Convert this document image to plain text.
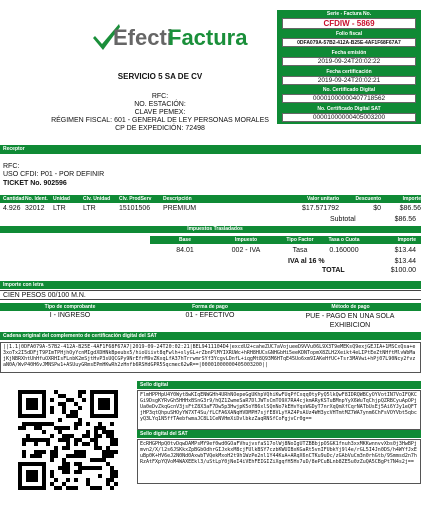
Efecti
Factura
Serie - Factura No.
CFDIW - 5869
Folio fiscal
0DFA079A-57B2-412A-B25E-4AF1F68F67A7
Fecha emisión
2019-09-24T20:02:22
Fecha certificación
2019-09-24T20:02:21
No. Certificado Digital
00001000000407718562
No. Certificado Digital SAT
00001000000405003200
SERVICIO 5 SA DE CV
RFC:
NO. ESTACIÓN:
CLAVE PEMEX:
RÉGIMEN FISCAL: 601 - GENERAL DE LEY PERSONAS MORALES
CP DE EXPEDICIÓN: 72498
Receptor
RFC:
USO CFDI: P01 - POR DEFINIR
TICKET No. 902596
Cantidad No. Ident.	Unidad	Clv. Unidad	Clv. ProdServ	Descripción	Valor unitario	Descuento	Importe
4.926 32012	LTR	LTR	15101506	PREMIUM	$17.571792	$0	$86.56
Subtotal	$86.56
Impuestos Trasladados
Base	Impuesto	Tipo Factor	Tasa o Cuota	Importe
84.01	002 - IVA	Tasa	0.160000	$13.44
IVA al 16 %	$13.44
TOTAL	$100.00
Importe con letra
CIEN PESOS 00/100 M.N.
Tipo de comprobante	Forma de pago	Método de pago
I - INGRESO	01 - EFECTIVO	PUE - PAGO EN UNA SOLA EXHIBICION
Cadena original del complemento de certificación digital del SAT
||1.1|0DFA079A-57B2-412A-B25E-4AF1F68F67A7|2019-09-24T20:02:21|BEL9411104D4|excdU2+caheZUC7aVojueeD9VVu06L9X3T9eMEKsQ9exjGEJIA+1MSCxQsa+e3xoTx2I5dDFjT9PImTPHjhOyYcnMIgdXDHNkBpeubx5/hioUiivt8qFwlh+slyGL+rZbnPlMYIXRUWc+hRH8HUCsGNHGbHi5eeKDNTopmX8ZLH2Xeikt4eLIPtEeZtNHftMlvWbMajKjNBRXhtUhHfuOXRHIsFLnbK2mSjtHvP3sUQCGPy9NrEfrM9vZKxqLfA37hTrrwmrSYf3YcgvLDnfL+iqgMt8Q93M6HTqE45Uo6xm9IAKeHfUC+Tsr3MAVwi+hPj07L90Ncy2fvzaN0A/WvP40H6vJMNSPw1+ASUuyGRmsEPmHKwRh2zHnfb6RSHdGPR5Sqcmec62wR==|00001000000405003200||
Sello digital
FlmHPPHpU4Y0Wyt8wKIqENWGHh4URhNOepeGgUKhpVQhiKwFUqPfCxqq0tyPyQ5lkQwF8IDRQWBCyOYVotIN7VoIFQKCGi9DsgKYRvGh5HHHxBSnG3r9/hQZ1ZwmeSaR7DlJWTsCmTO9X7RA4cjkmARyKSTuBMnpYyX6WuTqChjpQZRBCyuApOPjUa0eDvZkqGcnV3jsFtZ8X3aF7Dw5p3HwjpK5oYB6xlSQnNo7kEHvYqxWGDyT7nrXqQmXfCqrNATbUsEj5Ai6YJy1eQFTjHP3qtQhpuSHOyYW7XT4Su/fLCFA6XANqHVDMPH7sjfE8VLyYAZ4PsAUz4WH3ycVHTmtMZ7WA7ynm6ChFsVOYVbt5qbcyQ3LYq1N5ffTAebfwmaJC8L1CeNVHmXiDvlbkzZaqRNSfCoFgjvCr0g==
Sello digital del SAT
EcRHGPHpQ0tvDqwDAMPsMY9ef0wd0GOaFVhujvsfaS17olWj8NoIgUTZBBbjpOSGK1fnuh3xxMKKwnnvvXbs0j3HwBPjmvn2/X/l2s6JSKkxZpBGbOdhrGIJxkxM8cjFUlkBSY7czbKWUIBxKGaRt5vnIFUbkYj9l4e/rGL5I4Jn0DS/h4WYfJxEuBp0K+HV6eJ2N0Nd0AxwbTVQekMxoH2t9h1WzPe2nl1Y44KuA+ARqX6nCTKu9uDc/zGAbVuCm3n0rhGtb/9Smmsd2n7hRzAtFXpYQVoM4WAXEEkl3/uStLpY0jNeI4iVEhFEIGIZiXgqfH5Hs7uD/8ePCuBLnb8ZE5u0zZuQA5CBgPt7N4s2j==
